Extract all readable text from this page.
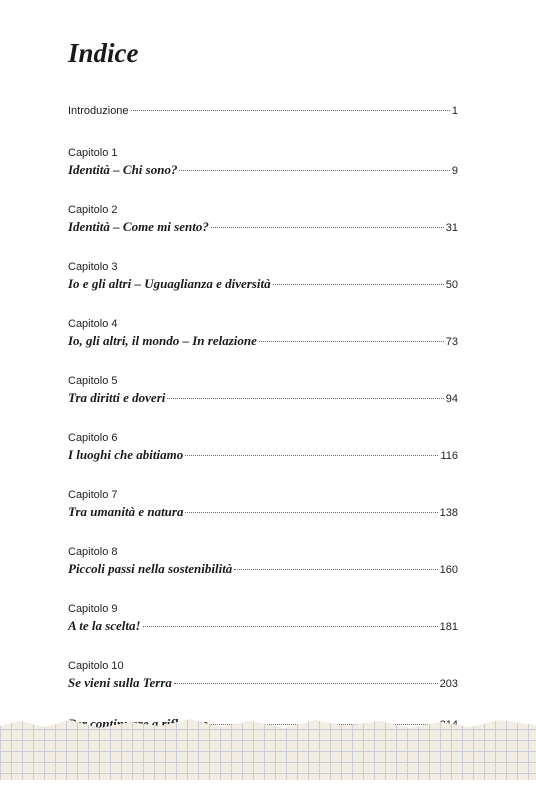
Indice
Introduzione	1
Capitolo 1
Identità – Chi sono?	9
Capitolo 2
Identità – Come mi sento?	31
Capitolo 3
Io e gli altri – Uguaglianza e diversità	50
Capitolo 4
Io, gli altri, il mondo – In relazione	73
Capitolo 5
Tra diritti e doveri	94
Capitolo 6
I luoghi che abitiamo	116
Capitolo 7
Tra umanità e natura	138
Capitolo 8
Piccoli passi nella sostenibilità	160
Capitolo 9
A te la scelta!	181
Capitolo 10
Se vieni sulla Terra	203
